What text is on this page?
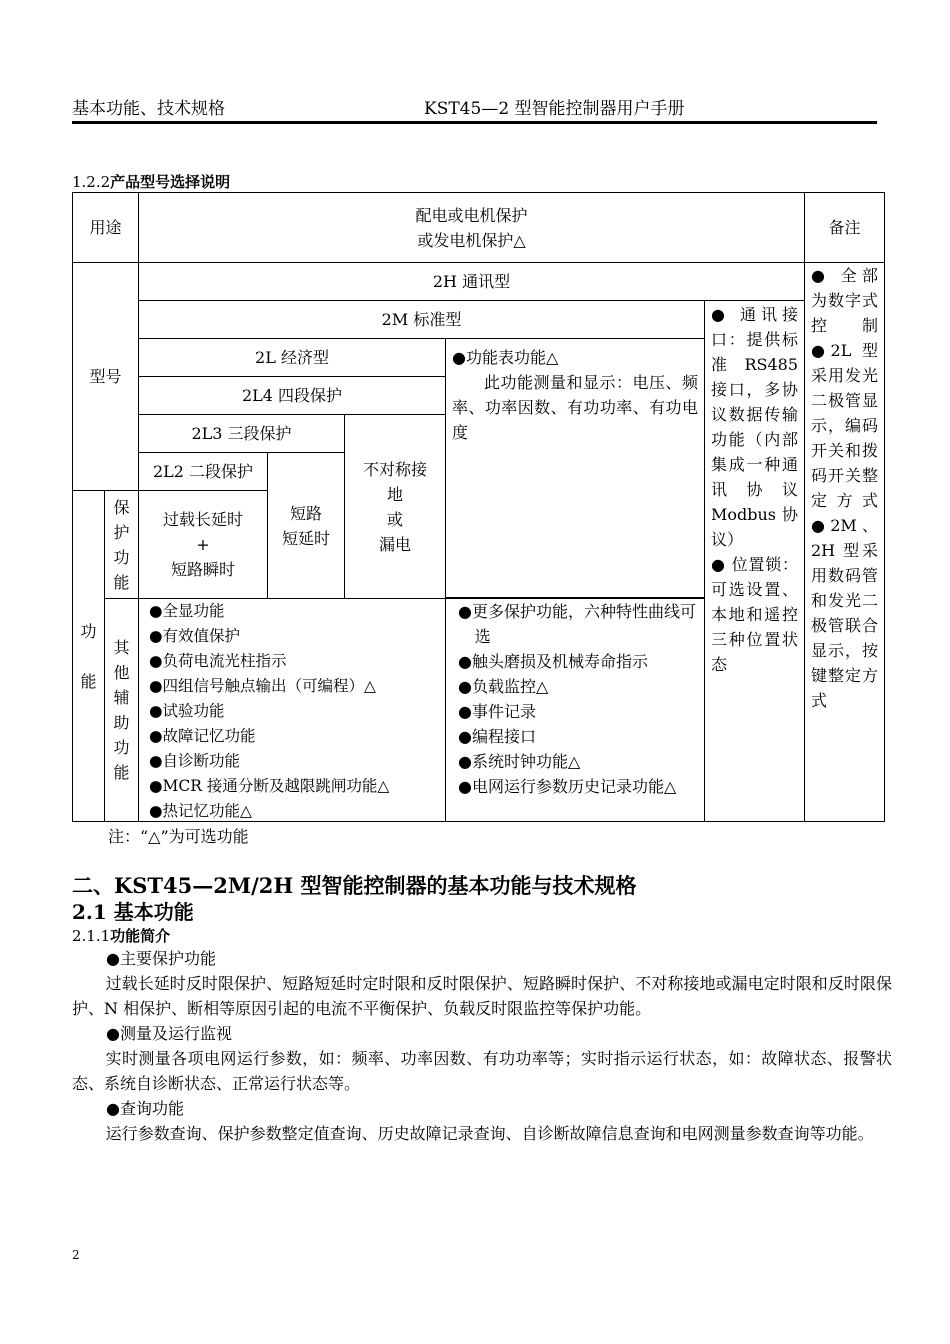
基本功能、技术规格	KST45—2 型智能控制器用户手册
1.2.2产品型号选择说明
用途
配电或电机保护
或发电机保护△
备注
型号
2H 通讯型
2M 标准型
2L 经济型
2L4 四段保护
2L3 三段保护
2L2 二段保护
●功能表功能△
此功能测量和显示：电压、频率、功率因数、有功功率、有功电度
● 通讯接口：提供标准 RS485 接口，多协议数据传输功能（内部集成一种通讯协议 Modbus 协议）
● 位置锁：可选设置、本地和遥控三种位置状态
● 全部为数字式控制 ●2L 型采用发光二极管显示，编码开关和拨码开关整定方式 ●2M、2H 型采用数码管和发光二极管联合显示，按键整定方式
功
能
保
护
功
能
过载长延时
+
短路瞬时
短路
短延时
不对称接
地
或
漏电
其
他
辅
助
功
能
●全显功能
●有效值保护
●负荷电流光柱指示
●四组信号触点输出（可编程）△
●试验功能
●故障记忆功能
●自诊断功能
●MCR 接通分断及越限跳闸功能△
●热记忆功能△
●更多保护功能，六种特性曲线可选
●触头磨损及机械寿命指示
●负载监控△
●事件记录
●编程接口
●系统时钟功能△
●电网运行参数历史记录功能△
注：“△”为可选功能
二、KST45—2M/2H 型智能控制器的基本功能与技术规格
2.1 基本功能
2.1.1功能简介
●主要保护功能
过载长延时反时限保护、短路短延时定时限和反时限保护、短路瞬时保护、不对称接地或漏电定时限和反时限保护、N 相保护、断相等原因引起的电流不平衡保护、负载反时限监控等保护功能。
●测量及运行监视
实时测量各项电网运行参数，如：频率、功率因数、有功功率等；实时指示运行状态，如：故障状态、报警状态、系统自诊断状态、正常运行状态等。
●查询功能
运行参数查询、保护参数整定值查询、历史故障记录查询、自诊断故障信息查询和电网测量参数查询等功能。
2
